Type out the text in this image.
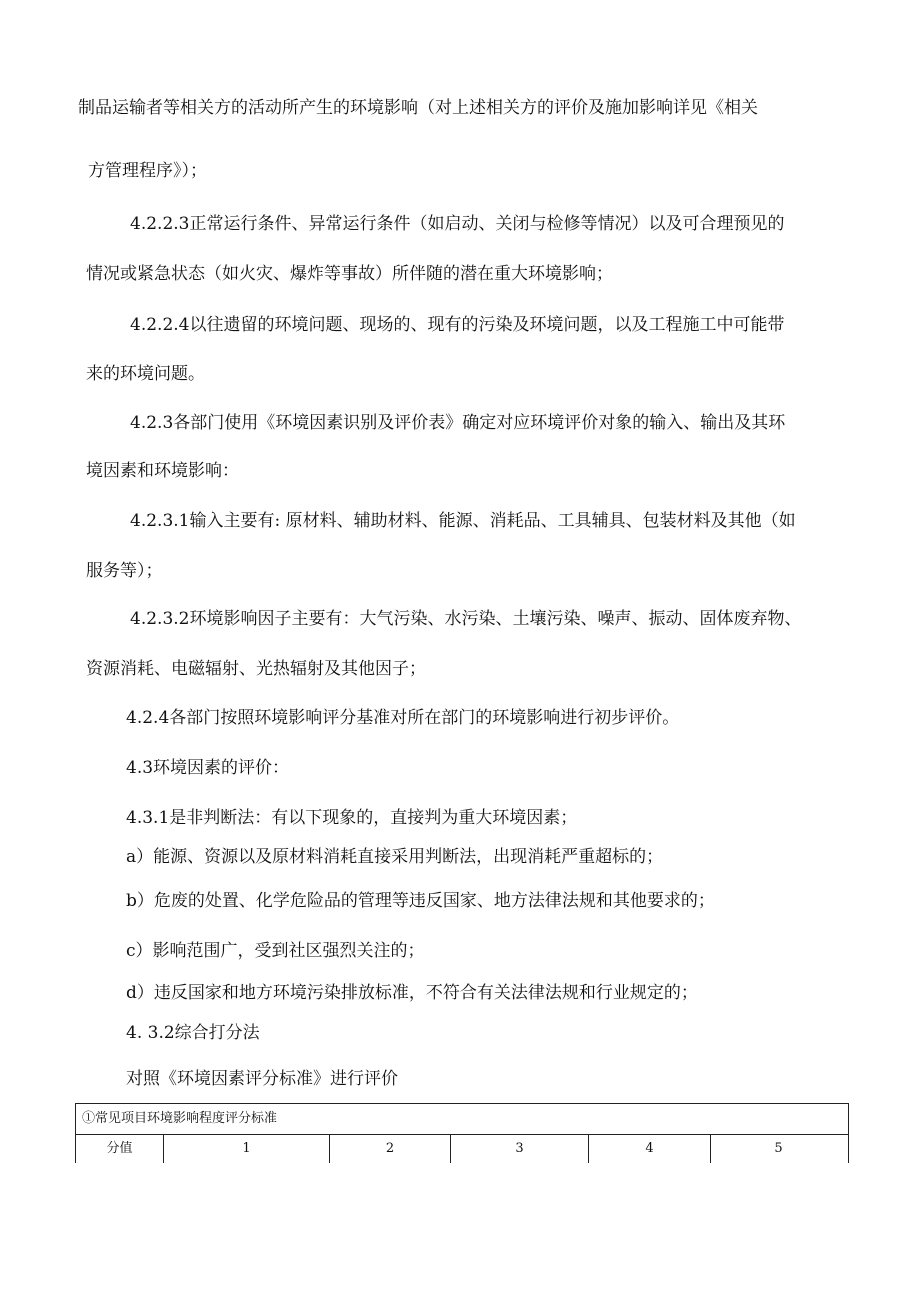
制品运输者等相关方的活动所产生的环境影响（对上述相关方的评价及施加影响详见《相关
方管理程序》）；
4.2.2.3正常运行条件、异常运行条件（如启动、关闭与检修等情况）以及可合理预见的
情况或紧急状态（如火灾、爆炸等事故）所伴随的潜在重大环境影响；
4.2.2.4以往遗留的环境问题、现场的、现有的污染及环境问题，以及工程施工中可能带
来的环境问题。
4.2.3各部门使用《环境因素识别及评价表》确定对应环境评价对象的输入、输出及其环
境因素和环境影响：
4.2.3.1输入主要有: 原材料、辅助材料、能源、消耗品、工具辅具、包装材料及其他（如
服务等）；
4.2.3.2环境影响因子主要有：大气污染、水污染、土壤污染、噪声、振动、固体废弃物、
资源消耗、电磁辐射、光热辐射及其他因子；
4.2.4各部门按照环境影响评分基准对所在部门的环境影响进行初步评价。
4.3环境因素的评价：
4.3.1是非判断法：有以下现象的，直接判为重大环境因素；
a）能源、资源以及原材料消耗直接采用判断法，出现消耗严重超标的；
b）危废的处置、化学危险品的管理等违反国家、地方法律法规和其他要求的；
c）影响范围广，受到社区强烈关注的；
d）违反国家和地方环境污染排放标准，不符合有关法律法规和行业规定的；
4. 3.2综合打分法
对照《环境因素评分标准》进行评价
①常见项目环境影响程度评分标准
分值	1	2	3	4	5
